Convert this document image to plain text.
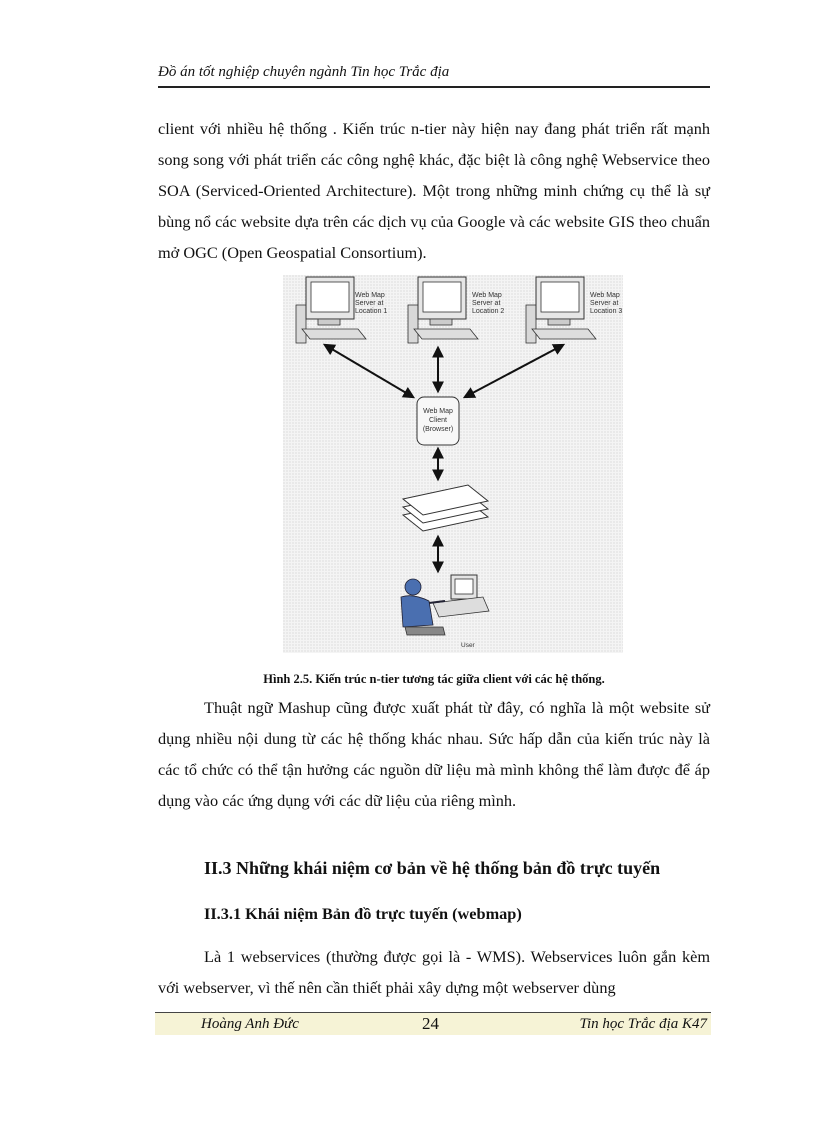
Đồ án tốt nghiệp chuyên ngành Tin học Trắc địa

client với nhiều hệ thống . Kiến trúc n-tier này hiện nay đang phát triển rất mạnh song song với phát triển các công nghệ khác, đặc biệt là công nghệ Webservice theo SOA (Serviced-Oriented Architecture). Một trong những minh chứng cụ thể là sự bùng nổ các website dựa trên các dịch vụ của Google và các website GIS theo chuẩn mở OGC (Open Geospatial Consortium).

Web Map
Server at
Location 1
Web Map
Server at
Location 2
Web Map
Server at
Location 3
Web Map
Client
(Browser)
User
Hình 2.5. Kiến trúc n-tier tương tác giữa client với các hệ thống.

Thuật ngữ Mashup cũng được xuất phát từ đây, có nghĩa là một website sử dụng nhiều nội dung từ các hệ thống khác nhau. Sức hấp dẫn của kiến trúc này là các tổ chức có thể tận hưởng các nguồn dữ liệu mà mình không thể làm được để áp dụng vào các ứng dụng với các dữ liệu của riêng mình.

II.3 Những khái niệm cơ bản về hệ thống bản đồ trực tuyến
II.3.1 Khái niệm Bản đồ trực tuyến (webmap)

Là 1 webservices (thường được gọi là - WMS). Webservices luôn gắn kèm với webserver, vì thế nên cần thiết phải xây dựng một webserver dùng

Hoàng Anh Đức	24	Tin học Trắc địa K47
